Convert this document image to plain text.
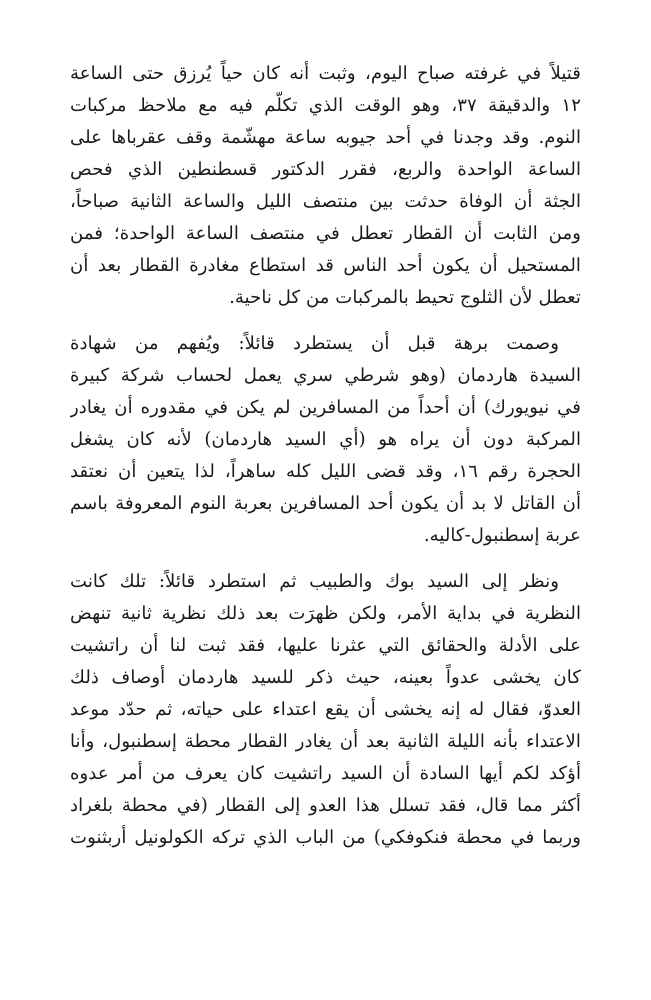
قتيلاً في غرفته صباح اليوم، وثبت أنه كان حياً يُرزق حتى الساعة
١٢ والدقيقة ٣٧، وهو الوقت الذي تكلّم فيه مع ملاحظ مركبات
النوم. وقد وجدنا في أحد جيوبه ساعة مهشّمة وقف عقرباها على
الساعة الواحدة والربع، فقرر الدكتور قسطنطين الذي فحص
الجثة أن الوفاة حدثت بين منتصف الليل والساعة الثانية صباحاً،
ومن الثابت أن القطار تعطل في منتصف الساعة الواحدة؛ فمن
المستحيل أن يكون أحد الناس قد استطاع مغادرة القطار بعد أن
تعطل لأن الثلوج تحيط بالمركبات من كل ناحية.

وصمت برهة قبل أن يستطرد قائلاً: ويُفهم من شهادة
السيدة هاردمان (وهو شرطي سري يعمل لحساب شركة كبيرة
في نيويورك) أن أحداً من المسافرين لم يكن في مقدوره أن يغادر
المركبة دون أن يراه هو (أي السيد هاردمان) لأنه كان يشغل
الحجرة رقم ١٦، وقد قضى الليل كله ساهراً، لذا يتعين أن نعتقد
أن القاتل لا بد أن يكون أحد المسافرين بعربة النوم المعروفة باسم
عربة إسطنبول-كاليه.

ونظر إلى السيد بوك والطبيب ثم استطرد قائلاً: تلك كانت
النظرية في بداية الأمر، ولكن ظهرَت بعد ذلك نظرية ثانية تنهض
على الأدلة والحقائق التي عثرنا عليها، فقد ثبت لنا أن راتشيت
كان يخشى عدواً بعينه، حيث ذكر للسيد هاردمان أوصاف ذلك
العدوّ، فقال له إنه يخشى أن يقع اعتداء على حياته، ثم حدّد موعد
الاعتداء بأنه الليلة الثانية بعد أن يغادر القطار محطة إسطنبول، وأنا
أؤكد لكم أيها السادة أن السيد راتشيت كان يعرف من أمر عدوه
أكثر مما قال، فقد تسلل هذا العدو إلى القطار (في محطة بلغراد
وربما في محطة فنكوفكي) من الباب الذي تركه الكولونيل أربثنوت
